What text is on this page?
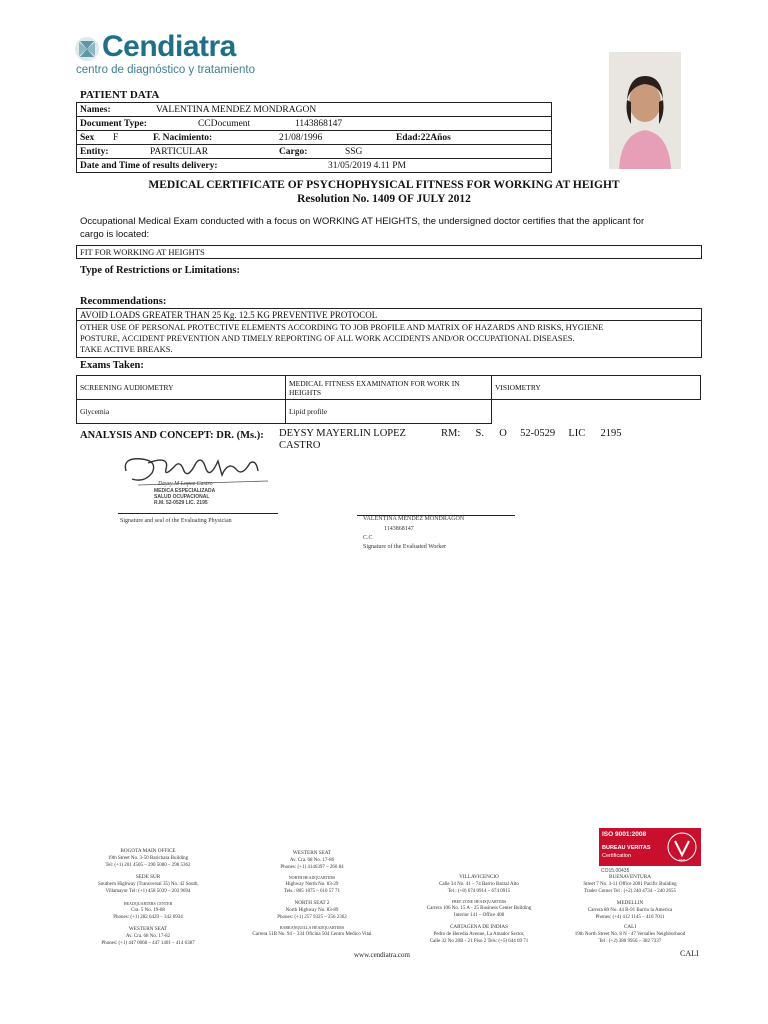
Cendiatra
centro de diagnóstico y tratamiento
PATIENT DATA
Names:	VALENTINA MENDEZ MONDRAGON		
Document Type:	CCDocument 1143868147		
Sex F	F. Nacimiento:	21/08/1996	Edad:22Años
Entity:	PARTICULAR	Cargo:	SSG
Date and Time of results delivery:		31/05/2019 4.11 PM	
MEDICAL CERTIFICATE OF PSYCHOPHYSICAL FITNESS FOR WORKING AT HEIGHT
Resolution No. 1409 OF JULY 2012
Occupational Medical Exam conducted with a focus on WORKING AT HEIGHTS, the undersigned doctor certifies that the applicant for
cargo is located:
FIT FOR WORKING AT HEIGHTS
Type of Restrictions or Limitations:
Recommendations:
AVOID LOADS GREATER THAN 25 Kg. 12.5 KG PREVENTIVE PROTOCOL
OTHER USE OF PERSONAL PROTECTIVE ELEMENTS ACCORDING TO JOB PROFILE AND MATRIX OF HAZARDS AND RISKS, HYGIENE
POSTURE, ACCIDENT PREVENTION AND TIMELY REPORTING OF ALL WORK ACCIDENTS AND/OR OCCUPATIONAL DISEASES.
TAKE ACTIVE BREAKS.
Exams Taken:
SCREENING AUDIOMETRY	MEDICAL FITNESS EXAMINATION FOR WORK IN HEIGHTS	VISIOMETRY
Glycemia	Lipid profile	
ANALYSIS AND CONCEPT: DR. (Ms.): DEYSY MAYERLIN LOPEZ
CASTRO
RM: S. O 52-0529 LIC 2195
Deysy M Lopez Castro
MEDICA ESPECIALIZADA
SALUD OCUPACIONAL
R.M. 52-0529 LIC. 2195
Signature and seal of the Evaluating Physician	VALENTINA MENDEZ MONDRAGON
1143868147
C.C
Signature of the Evaluated Worker
BOGOTA MAIN OFFICE
19th Street No. 3-50 Barichara Building
Tel: (+1) 201 4505 – 290 5000 – 296 5362
SEDE SUR
Southern Highway (Transversal 35) No. 42 South,
Villamayor Tel: (+1) 458 5039 – 203 9694
HEADQUARTERS CENTER
Cra. 5 No. 19-08
Phones: (+1) 282 6429 – 342 6934
WESTERN SEAT
Av. Cra. 68 No. 17-82
Phones: (+1) 447 0068 – 447 1401 – 414 6387
WESTERN SEAT
Av. Cra. 68 No. 17-86
Phones: (+1) 4146397 – 260 84
NORTH HEADQUARTERS
Highway North No. 83-29
Tels.: 805 1875 – 610 57 71
NORTH SEAT 2
North Highway No. 83-89
Phones: (+1) 257 9325 – 256 2362
BARRANQUILLA HEADQUARTERS
Carrera 51B No. 94 – 334 Oficina 504 Centro Medico Vital
VILLAVICENCIO
Calle 34 No. 41 – 74 Barrio Barzal Alto
Tel.: (+8) 674 0914 – 674 0915
FREE ZONE HEADQUARTERS
Carrera 106 No. 15 A - 25 Business Center Building
Interior 141 – Office 408
CARTAGENA DE INDIAS
Pedro de Heredia Avenue, La Amador Sector,
Calle 32 No 20B - 21 Piso 2 Tels: (+5) 644 69 71
ISO 9001:2008
BUREAU VERITAS
Certification
1828
CO15.00435
BUENAVENTURA
Street 7 No. 3-11 Office 2001 Pacific Building
Trader Corner Tel : (+2) 240 4734 – 240 2655
MEDELLIN
Carrera 80 No. 44 B-91 Barrio la America
Phones: (+4) 412 1145 – 416 7011
CALI
19th North Street No. 8 N - 47 Versalles Neighborhood
Tel : (+2) 380 9956 – 382 7337
www.cendiatra.com	CALI
